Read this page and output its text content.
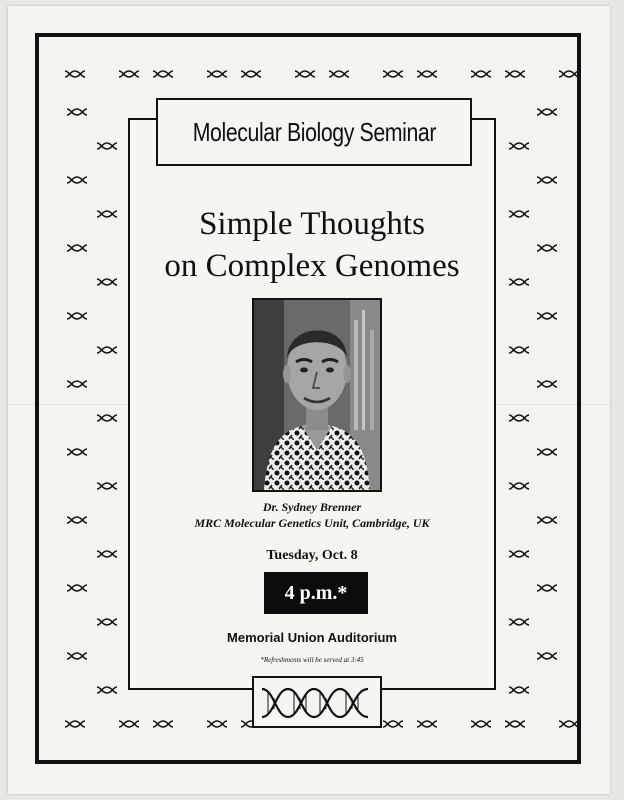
Molecular Biology Seminar
Simple Thoughts
on Complex Genomes
Dr. Sydney Brenner
MRC Molecular Genetics Unit, Cambridge, UK
Tuesday, Oct. 8
4 p.m.*
Memorial Union Auditorium
*Refreshments will be served at 3:45
